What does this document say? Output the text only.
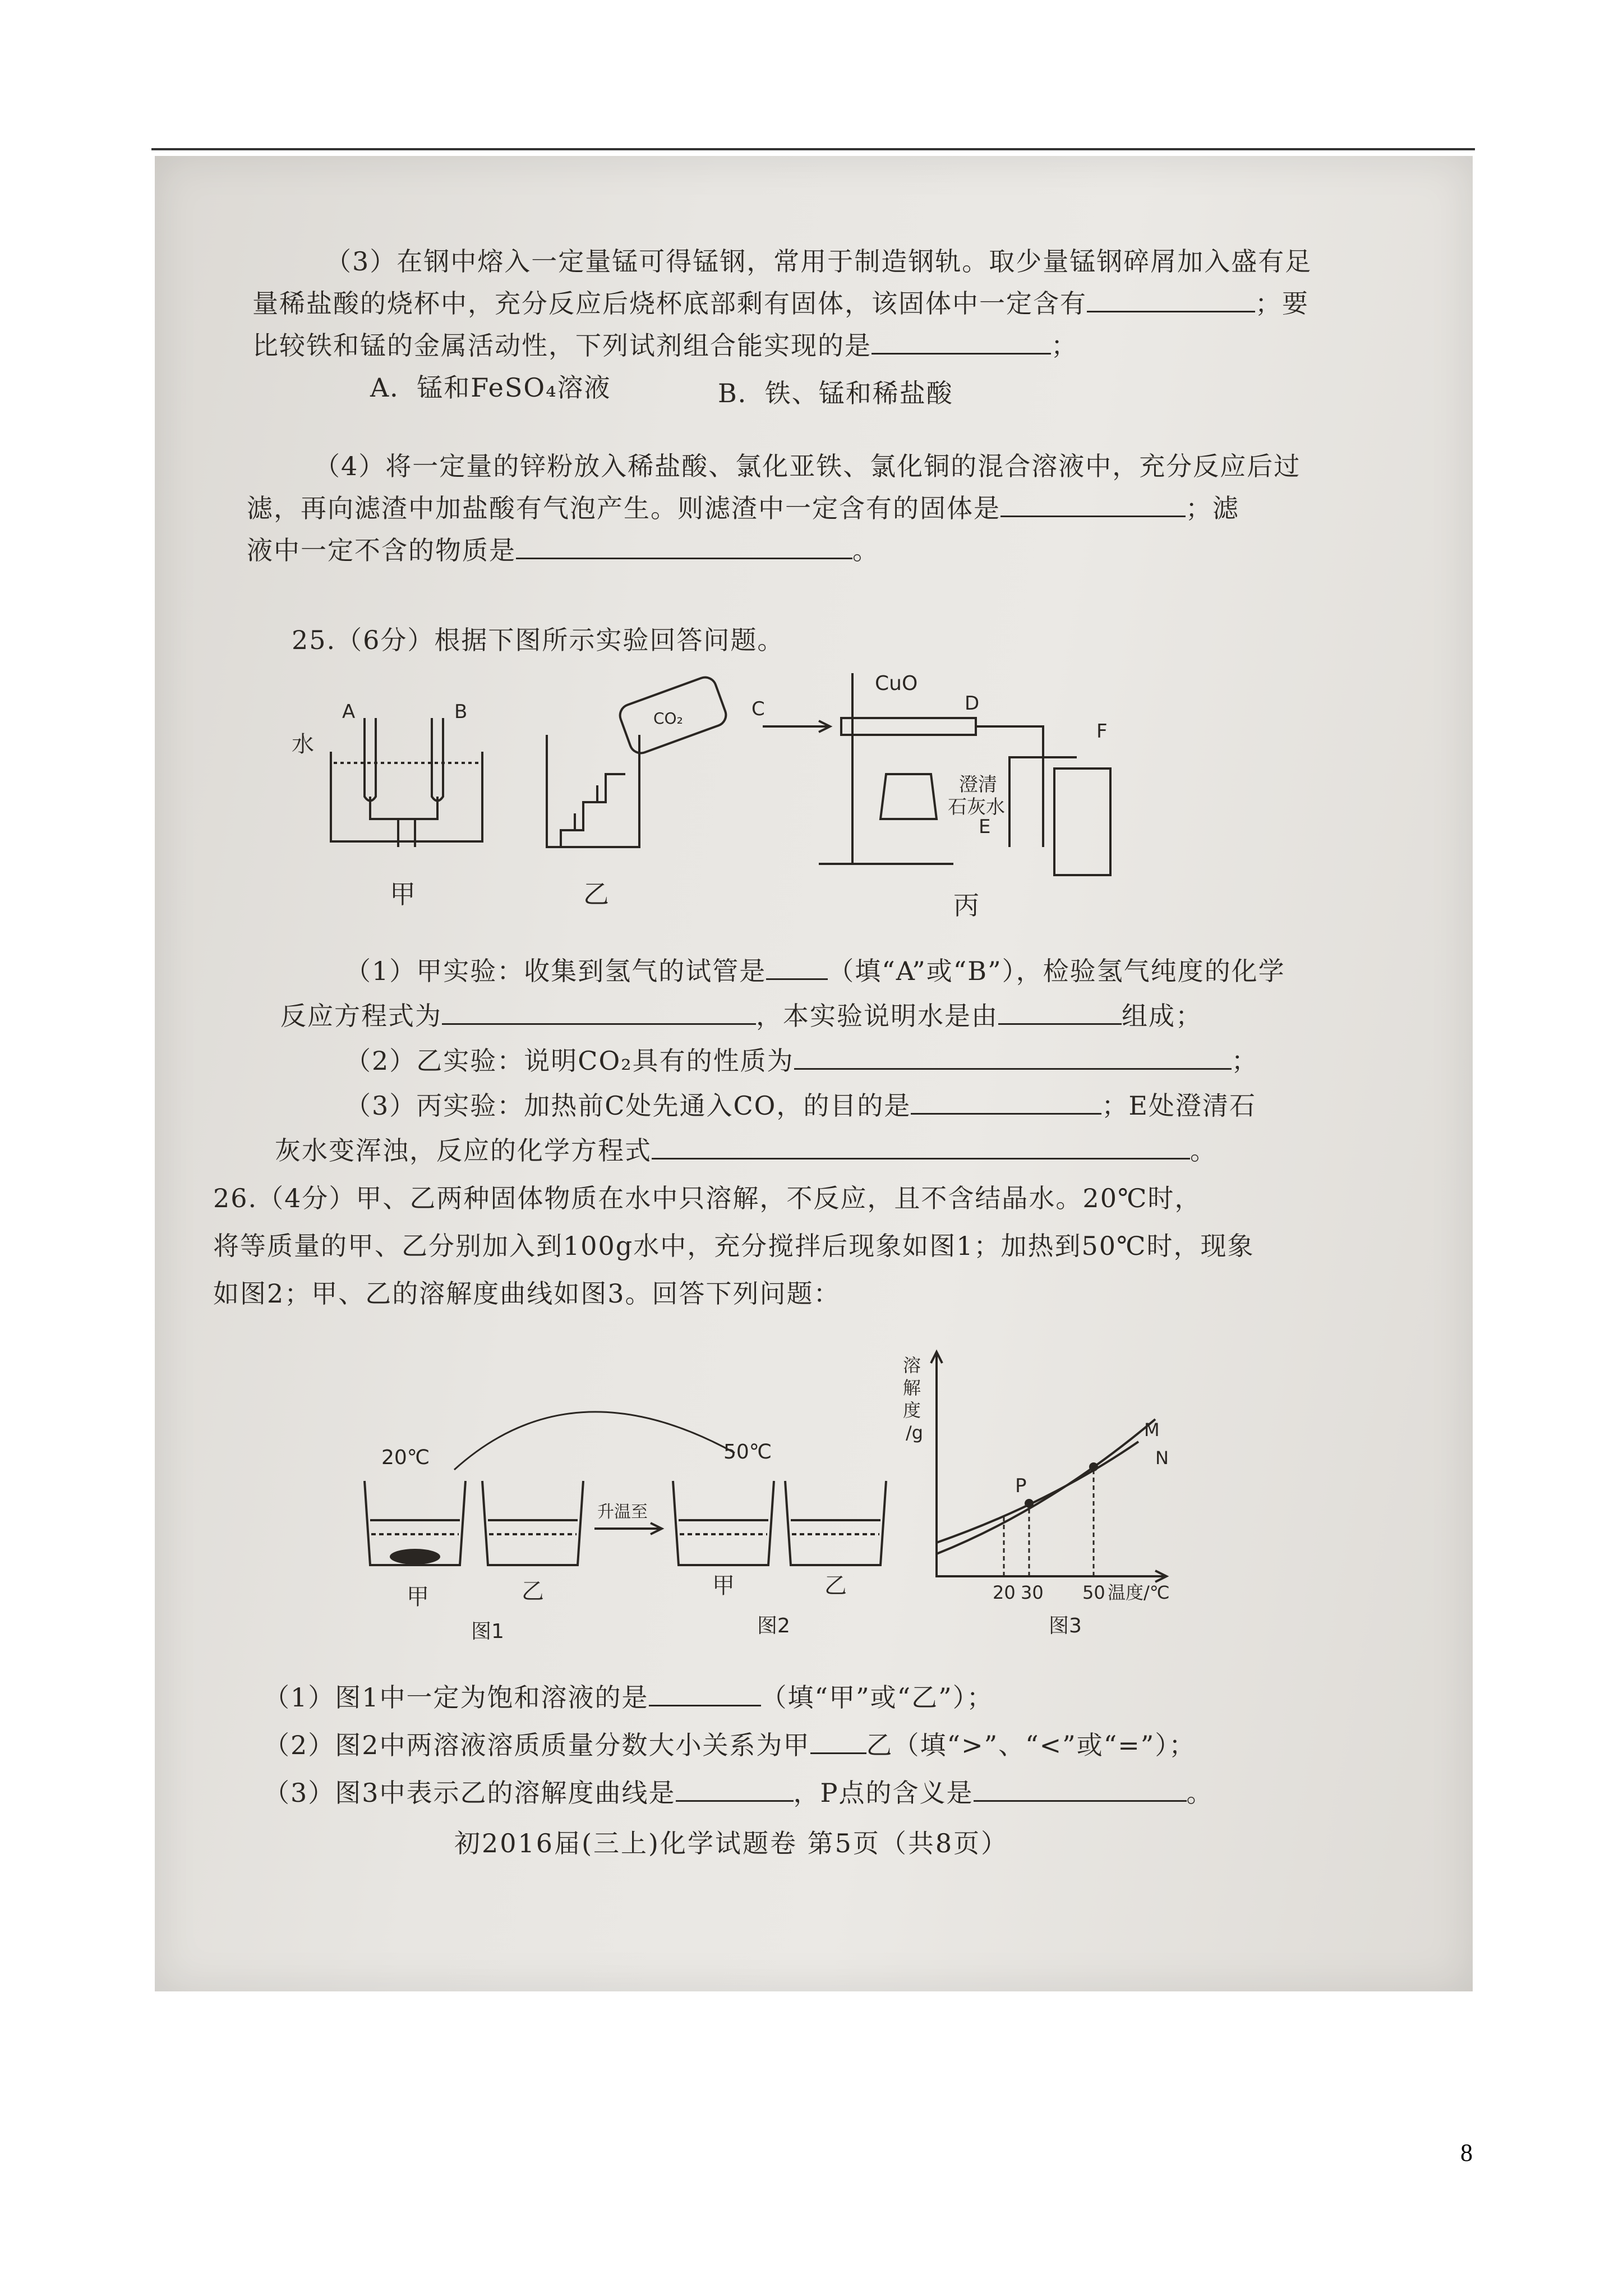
（3）在钢中熔入一定量锰可得锰钢，常用于制造钢轨。取少量锰钢碎屑加入盛有足
量稀盐酸的烧杯中，充分反应后烧杯底部剩有固体，该固体中一定含有	；要
比较铁和锰的金属活动性，下列试剂组合能实现的是	；
A．锰和FeSO₄溶液	B．铁、锰和稀盐酸
（4）将一定量的锌粉放入稀盐酸、氯化亚铁、氯化铜的混合溶液中，充分反应后过
滤，再向滤渣中加盐酸有气泡产生。则滤渣中一定含有的固体是	；滤
液中一定不含的物质是	。
25.（6分）根据下图所示实验回答问题。
A	B
水
甲
CO₂
乙
C
CuO
D
F
澄清
石灰水
E
丙
（1）甲实验：收集到氢气的试管是 （填“A”或“B”），检验氢气纯度的化学
反应方程式为	，本实验说明水是由	组成；
（2）乙实验：说明CO₂具有的性质为	；
（3）丙实验：加热前C处先通入CO，的目的是	；E处澄清石
灰水变浑浊，反应的化学方程式	。
26.（4分）甲、乙两种固体物质在水中只溶解，不反应，且不含结晶水。20℃时，
将等质量的甲、乙分别加入到100g水中，充分搅拌后现象如图1；加热到50℃时，现象
如图2；甲、乙的溶解度曲线如图3。回答下列问题：
20℃	50℃
升温至
甲	乙	甲	乙
图1	图2
溶
解
度
/g
P
M
N
20 30 50 温度/℃
图3
（1）图1中一定为饱和溶液的是	（填“甲”或“乙”）；
（2）图2中两溶液溶质质量分数大小关系为甲 乙（填“>”、“<”或“=”）；
（3）图3中表示乙的溶解度曲线是	，P点的含义是	。
初2016届(三上)化学试题卷 第5页（共8页）
8
